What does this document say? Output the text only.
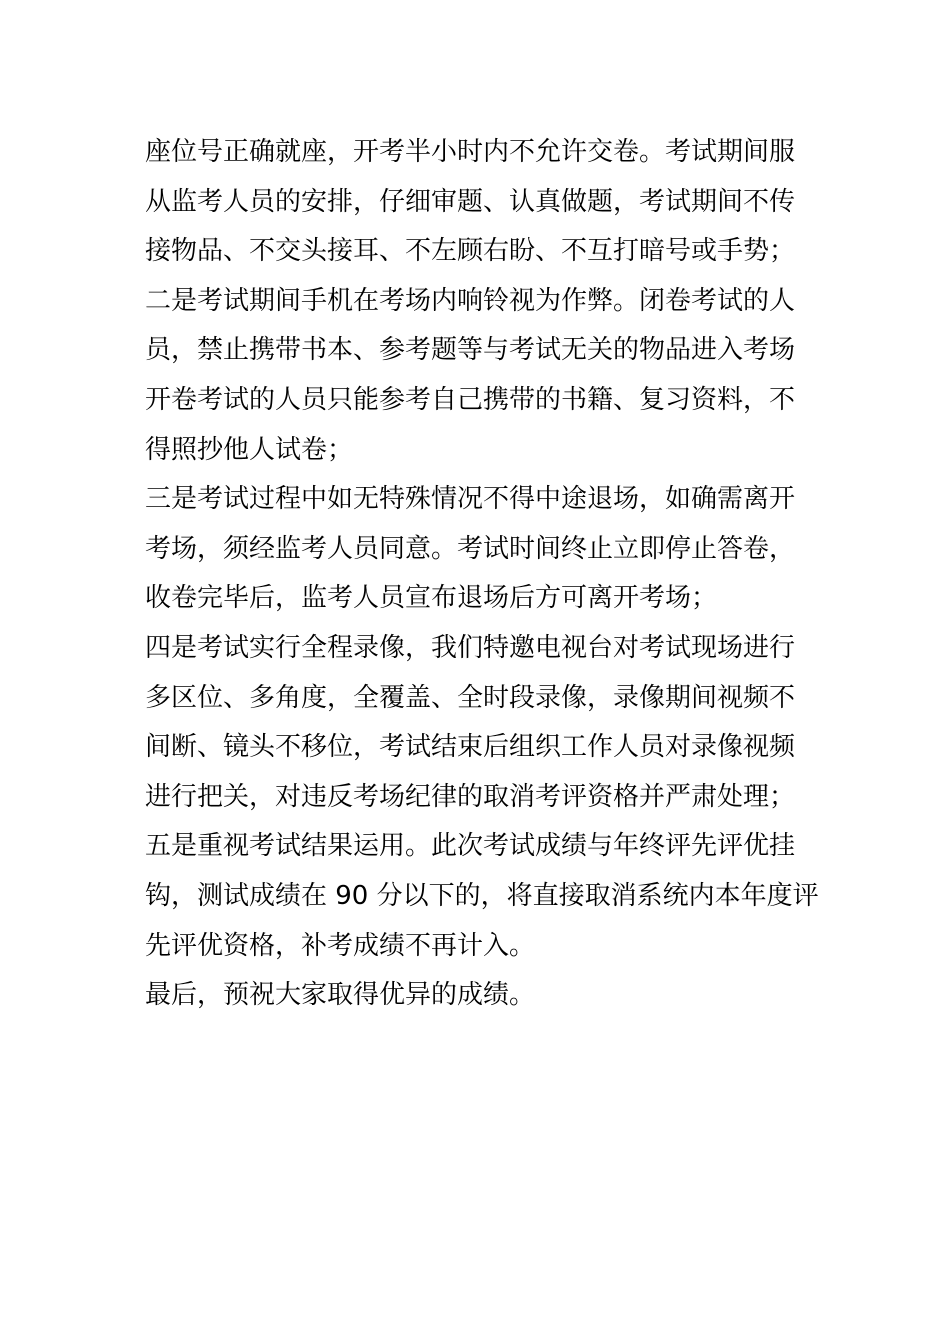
座位号正确就座，开考半小时内不允许交卷。考试期间服
从监考人员的安排，仔细审题、认真做题，考试期间不传
接物品、不交头接耳、不左顾右盼、不互打暗号或手势；
二是考试期间手机在考场内响铃视为作弊。闭卷考试的人
员，禁止携带书本、参考题等与考试无关的物品进入考场
开卷考试的人员只能参考自己携带的书籍、复习资料，不
得照抄他人试卷；
三是考试过程中如无特殊情况不得中途退场，如确需离开
考场，须经监考人员同意。考试时间终止立即停止答卷，
收卷完毕后，监考人员宣布退场后方可离开考场；
四是考试实行全程录像，我们特邀电视台对考试现场进行
多区位、多角度，全覆盖、全时段录像，录像期间视频不
间断、镜头不移位，考试结束后组织工作人员对录像视频
进行把关，对违反考场纪律的取消考评资格并严肃处理；
五是重视考试结果运用。此次考试成绩与年终评先评优挂
钩，测试成绩在 90 分以下的，将直接取消系统内本年度评
先评优资格，补考成绩不再计入。
最后，预祝大家取得优异的成绩。
